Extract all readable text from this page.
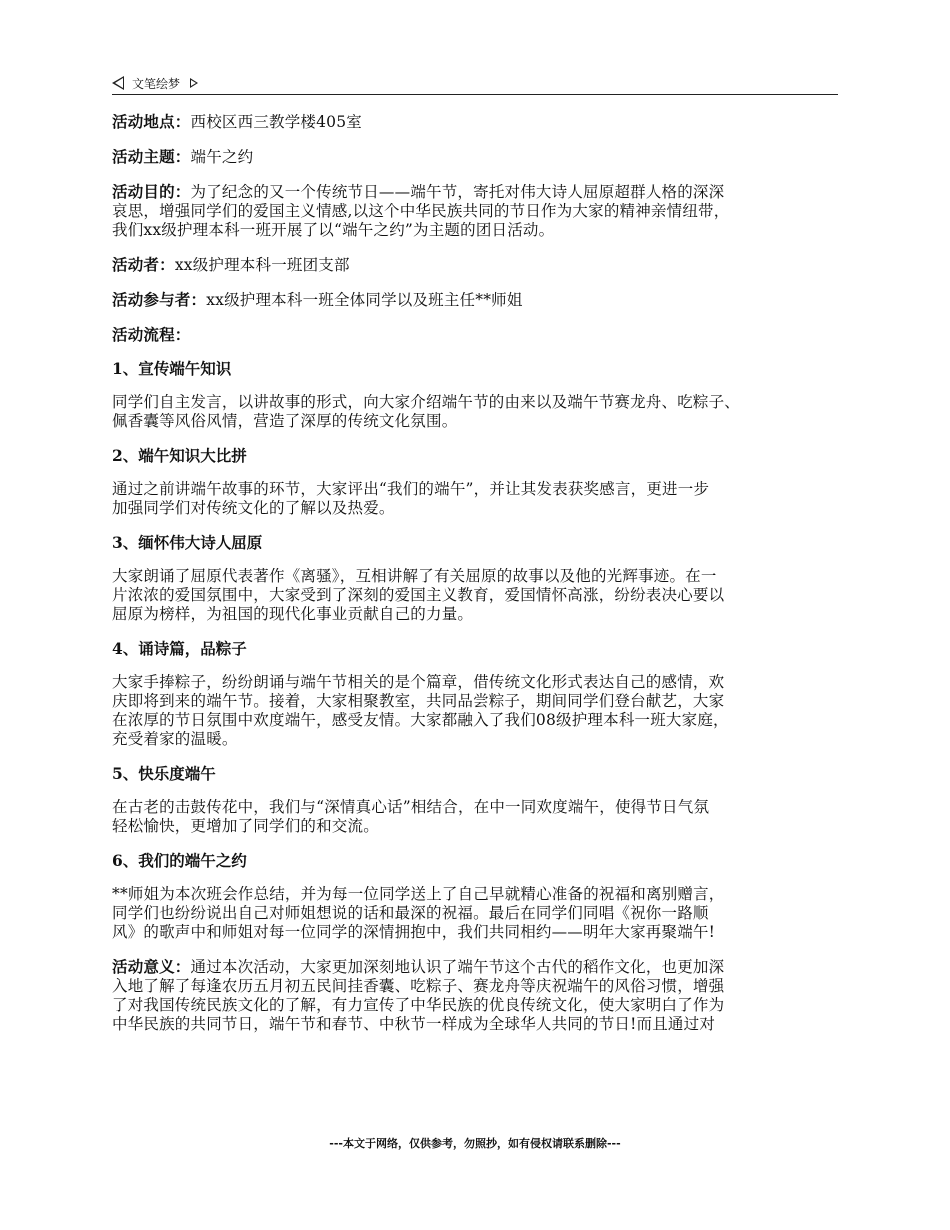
文笔绘梦

活动地点：西校区西三教学楼405室

活动主题：端午之约

活动目的：为了纪念的又一个传统节日——端午节，寄托对伟大诗人屈原超群人格的深深
哀思，增强同学们的爱国主义情感,以这个中华民族共同的节日作为大家的精神亲情纽带，
我们xx级护理本科一班开展了以“端午之约”为主题的团日活动。

活动者：xx级护理本科一班团支部

活动参与者：xx级护理本科一班全体同学以及班主任**师姐

活动流程：

1、宣传端午知识

同学们自主发言，以讲故事的形式，向大家介绍端午节的由来以及端午节赛龙舟、吃粽子、
佩香囊等风俗风情，营造了深厚的传统文化氛围。

2、端午知识大比拼

通过之前讲端午故事的环节，大家评出“我们的端午”，并让其发表获奖感言，更进一步
加强同学们对传统文化的了解以及热爱。

3、缅怀伟大诗人屈原

大家朗诵了屈原代表著作《离骚》，互相讲解了有关屈原的故事以及他的光辉事迹。在一
片浓浓的爱国氛围中，大家受到了深刻的爱国主义教育，爱国情怀高涨，纷纷表决心要以
屈原为榜样，为祖国的现代化事业贡献自己的力量。

4、诵诗篇，品粽子

大家手捧粽子，纷纷朗诵与端午节相关的是个篇章，借传统文化形式表达自己的感情，欢
庆即将到来的端午节。接着，大家相聚教室，共同品尝粽子，期间同学们登台献艺，大家
在浓厚的节日氛围中欢度端午，感受友情。大家都融入了我们08级护理本科一班大家庭，
充受着家的温暖。

5、快乐度端午

在古老的击鼓传花中，我们与“深情真心话”相结合，在中一同欢度端午，使得节日气氛
轻松愉快，更增加了同学们的和交流。

6、我们的端午之约

**师姐为本次班会作总结，并为每一位同学送上了自己早就精心准备的祝福和离别赠言，
同学们也纷纷说出自己对师姐想说的话和最深的祝福。最后在同学们同唱《祝你一路顺
风》的歌声中和师姐对每一位同学的深情拥抱中，我们共同相约——明年大家再聚端午!

活动意义：通过本次活动，大家更加深刻地认识了端午节这个古代的稻作文化，也更加深
入地了解了每逢农历五月初五民间挂香囊、吃粽子、赛龙舟等庆祝端午的风俗习惯，增强
了对我国传统民族文化的了解，有力宣传了中华民族的优良传统文化，使大家明白了作为
中华民族的共同节日，端午节和春节、中秋节一样成为全球华人共同的节日!而且通过对

---本文于网络，仅供参考，勿照抄，如有侵权请联系删除---
